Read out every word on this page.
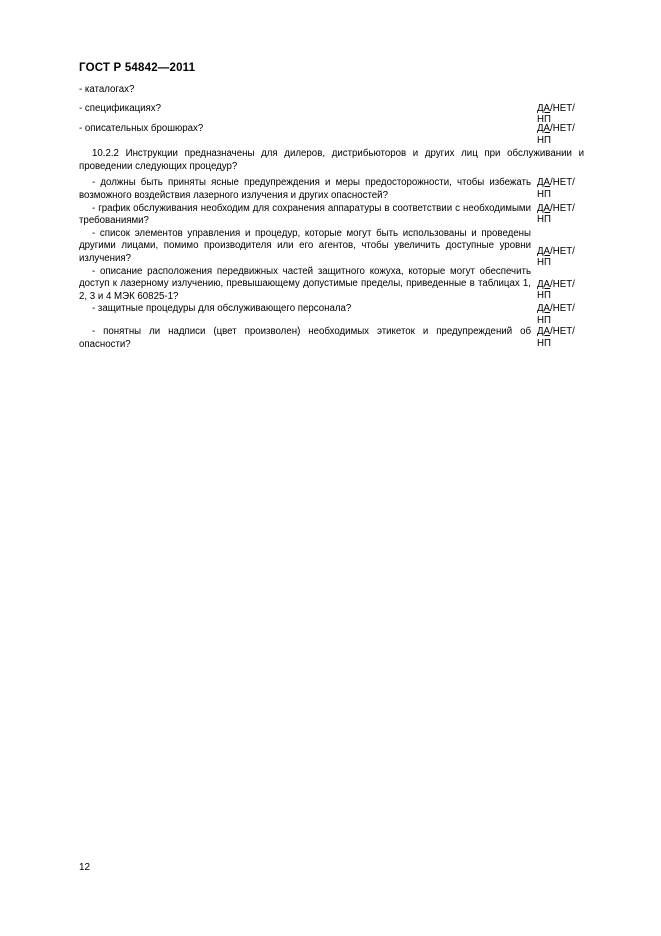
ГОСТ Р 54842—2011
- каталогах?
- спецификациях?	ДА/НЕТ/
НП
- описательных брошюрах?	ДА/НЕТ/
НП
10.2.2 Инструкции предназначены для дилеров, дистрибьюторов и других лиц при обслуживании и проведении следующих процедур?
- должны быть приняты ясные предупреждения и меры предосторожности, чтобы избежать возможного воздействия лазерного излучения и других опасностей?
ДА/НЕТ/
НП
- график обслуживания необходим для сохранения аппаратуры в соответствии с необходимыми требованиями?
ДА/НЕТ/
НП
- список элементов управления и процедур, которые могут быть использованы и проведены другими лицами, помимо производителя или его агентов, чтобы увеличить доступные уровни излучения?
ДА/НЕТ/
НП
- описание расположения передвижных частей защитного кожуха, которые могут обеспечить доступ к лазерному излучению, превышающему допустимые пределы, приведенные в таблицах 1, 2, 3 и 4 МЭК 60825-1?
ДА/НЕТ/
НП
- защитные процедуры для обслуживающего персонала?	ДА/НЕТ/
НП
- понятны ли надписи (цвет произволен) необходимых этикеток и предупреждений об опасности?
ДА/НЕТ/
НП
12
